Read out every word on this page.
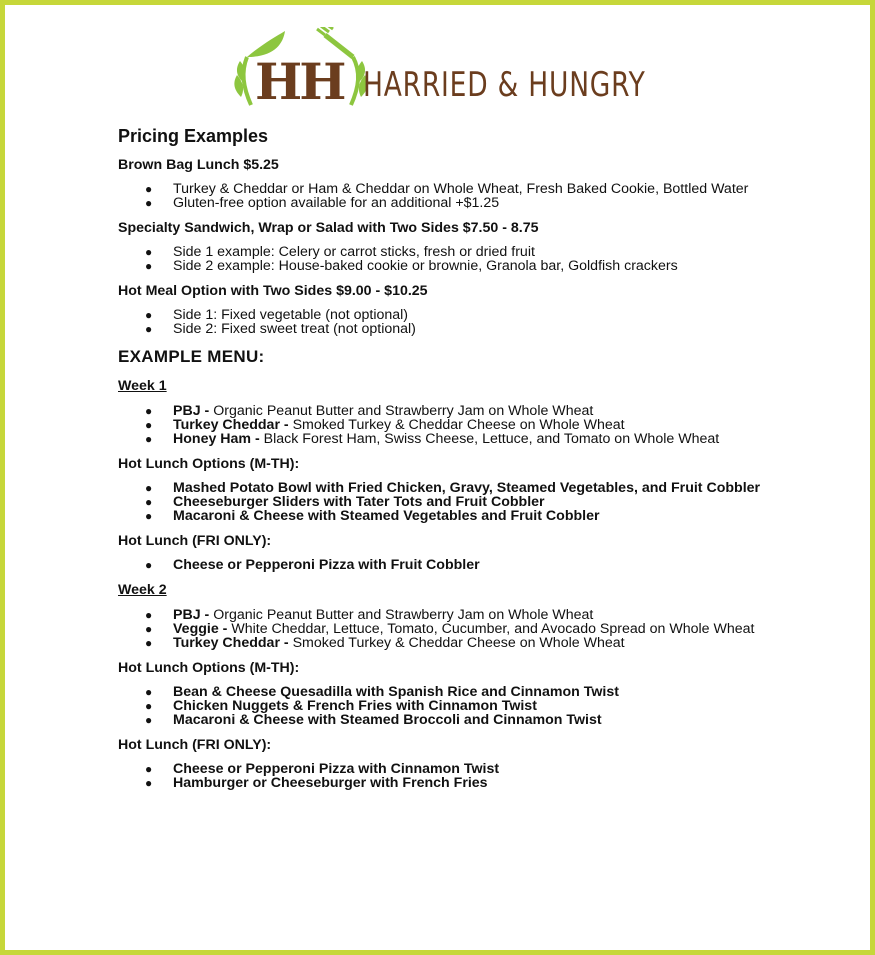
HH HARRIED & HUNGRY
Pricing Examples
Brown Bag Lunch $5.25
● Turkey & Cheddar or Ham & Cheddar on Whole Wheat, Fresh Baked Cookie, Bottled Water
● Gluten-free option available for an additional +$1.25
Specialty Sandwich, Wrap or Salad with Two Sides $7.50 - 8.75
● Side 1 example: Celery or carrot sticks, fresh or dried fruit
● Side 2 example: House-baked cookie or brownie, Granola bar, Goldfish crackers
Hot Meal Option with Two Sides $9.00 - $10.25
● Side 1: Fixed vegetable (not optional)
● Side 2: Fixed sweet treat (not optional)
EXAMPLE MENU:
Week 1
● PBJ - Organic Peanut Butter and Strawberry Jam on Whole Wheat
● Turkey Cheddar - Smoked Turkey & Cheddar Cheese on Whole Wheat
● Honey Ham - Black Forest Ham, Swiss Cheese, Lettuce, and Tomato on Whole Wheat
Hot Lunch Options (M-TH):
● Mashed Potato Bowl with Fried Chicken, Gravy, Steamed Vegetables, and Fruit Cobbler
● Cheeseburger Sliders with Tater Tots and Fruit Cobbler
● Macaroni & Cheese with Steamed Vegetables and Fruit Cobbler
Hot Lunch (FRI ONLY):
● Cheese or Pepperoni Pizza with Fruit Cobbler
Week 2
● PBJ - Organic Peanut Butter and Strawberry Jam on Whole Wheat
● Veggie - White Cheddar, Lettuce, Tomato, Cucumber, and Avocado Spread on Whole Wheat
● Turkey Cheddar - Smoked Turkey & Cheddar Cheese on Whole Wheat
Hot Lunch Options (M-TH):
● Bean & Cheese Quesadilla with Spanish Rice and Cinnamon Twist
● Chicken Nuggets & French Fries with Cinnamon Twist
● Macaroni & Cheese with Steamed Broccoli and Cinnamon Twist
Hot Lunch (FRI ONLY):
● Cheese or Pepperoni Pizza with Cinnamon Twist
● Hamburger or Cheeseburger with French Fries
